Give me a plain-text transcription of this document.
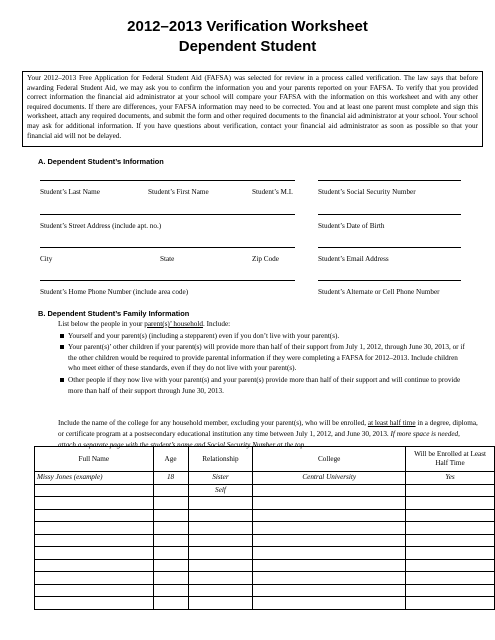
2012–2013 Verification Worksheet
Dependent Student
Your 2012–2013 Free Application for Federal Student Aid (FAFSA) was selected for review in a process called verification. The law says that before awarding Federal Student Aid, we may ask you to confirm the information you and your parents reported on your FAFSA. To verify that you provided correct information the financial aid administrator at your school will compare your FAFSA with the information on this worksheet and with any other required documents. If there are differences, your FAFSA information may need to be corrected. You and at least one parent must complete and sign this worksheet, attach any required documents, and submit the form and other required documents to the financial aid administrator at your school. Your school may ask for additional information. If you have questions about verification, contact your financial aid administrator as soon as possible so that your financial aid will not be delayed.
A. Dependent Student’s Information
Student’s Last Name	Student’s First Name	Student’s M.I.	Student’s Social Security Number
Student’s Street Address (include apt. no.)	Student’s Date of Birth
City	State	Zip Code	Student’s Email Address
Student’s Home Phone Number (include area code)	Student’s Alternate or Cell Phone Number
B. Dependent Student’s Family Information
List below the people in your parent(s)’ household. Include:
Yourself and your parent(s) (including a stepparent) even if you don’t live with your parent(s).
Your parent(s)’ other children if your parent(s) will provide more than half of their support from July 1, 2012, through June 30, 2013, or if the other children would be required to provide parental information if they were completing a FAFSA for 2012–2013. Include children who meet either of these standards, even if they do not live with your parent(s).
Other people if they now live with your parent(s) and your parent(s) provide more than half of their support and will continue to provide more than half of their support through June 30, 2013.
Include the name of the college for any household member, excluding your parent(s), who will be enrolled, at least half time in a degree, diploma, or certificate program at a postsecondary educational institution any time between July 1, 2012, and June 30, 2013. If more space is needed, attach a separate page with the student’s name and Social Security Number at the top.
Full Name	Age	Relationship	College	Will be Enrolled at Least Half Time
Missy Jones (example)	18	Sister	Central University	Yes
		Self		
